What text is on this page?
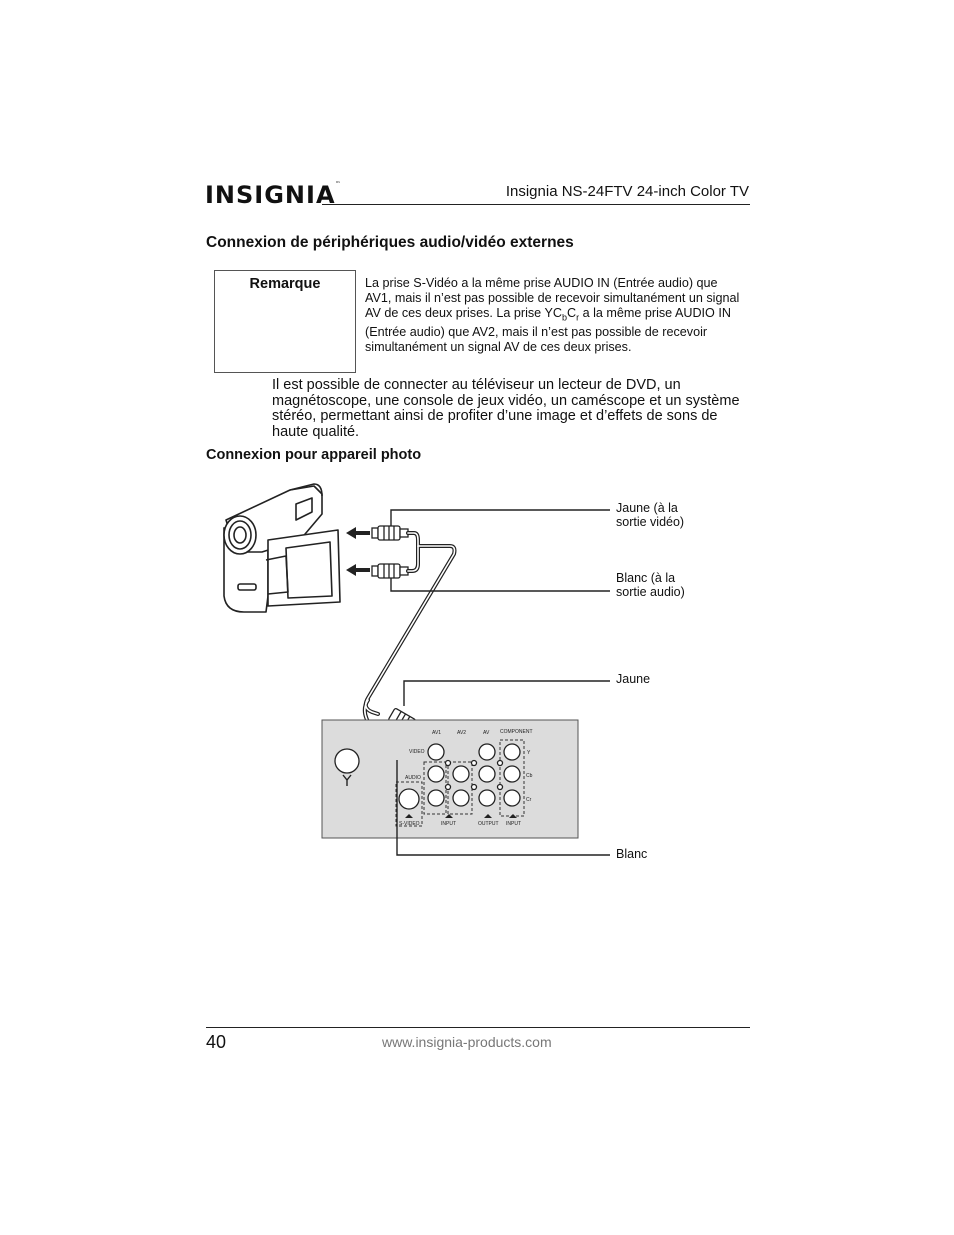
INSIGNIA™	Insignia NS-24FTV 24-inch Color TV
Connexion de périphériques audio/vidéo externes
Remarque	La prise S-Vidéo a la même prise AUDIO IN (Entrée audio) que AV1, mais il n’est pas possible de recevoir simultanément un signal AV de ces deux prises. La prise $YC_bC_r$ a la même prise AUDIO IN (Entrée audio) que AV2, mais il n’est pas possible de recevoir simultanément un signal AV de ces deux prises.
Il est possible de connecter au téléviseur un lecteur de DVD, un magnétoscope, une console de jeux vidéo, un caméscope et un système stéréo, permettant ainsi de profiter d’une image et d’effets de sons de haute qualité.
Connexion pour appareil photo
AV1	AV2	AV COMPONENT
VIDEO
AUDIO
S-VIDEO	INPUT	OUTPUT INPUT
Y
Cb
Cr
Jaune (à la
sortie vidéo)
Blanc (à la
sortie audio)
Jaune
Blanc
40	www.insignia-products.com
